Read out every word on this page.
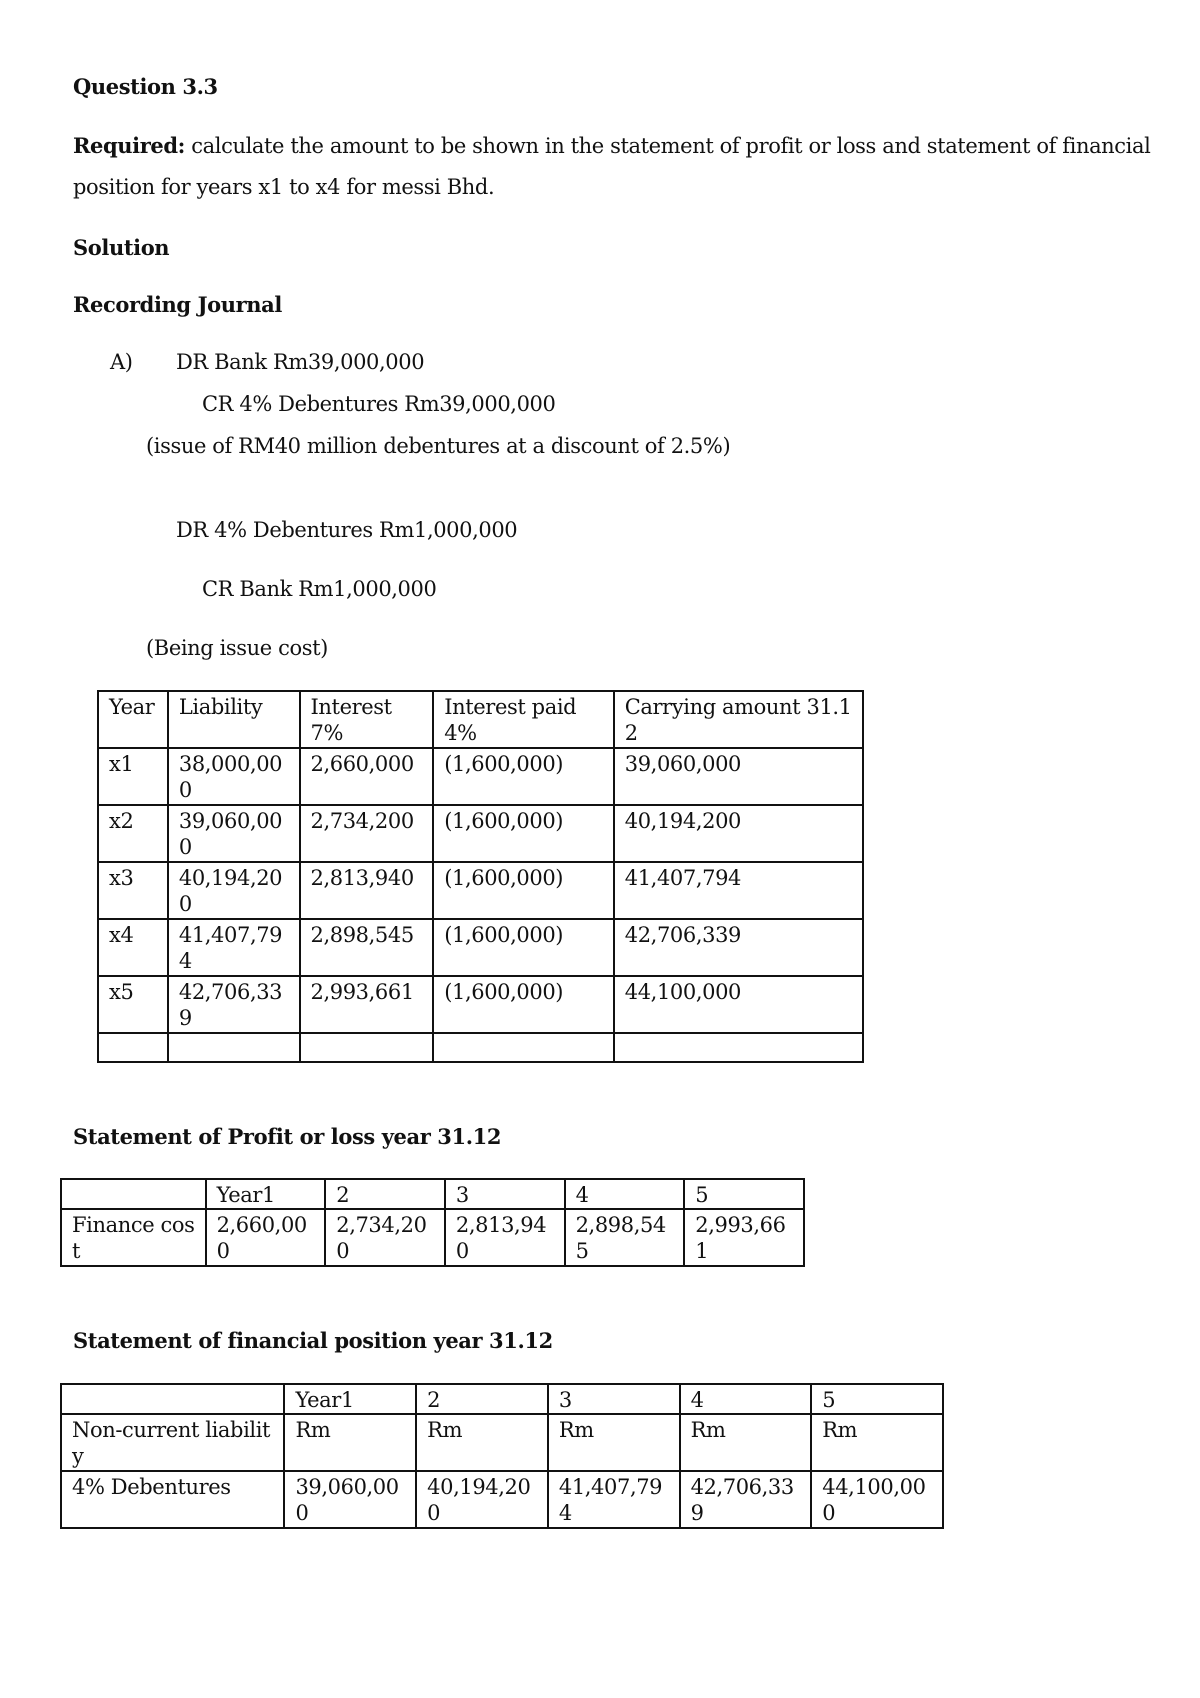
Question 3.3
Required: calculate the amount to be shown in the statement of profit or loss and statement of financial
position for years x1 to x4 for messi Bhd.
Solution
Recording Journal
A) DR Bank Rm39,000,000
CR 4% Debentures Rm39,000,000
(issue of RM40 million debentures at a discount of 2.5%)
DR 4% Debentures Rm1,000,000
CR Bank Rm1,000,000
(Being issue cost)
Year	Liability	Interest 7%	Interest paid 4%	Carrying amount 31.12
x1	38,000,000	2,660,000	(1,600,000)	39,060,000
x2	39,060,000	2,734,200	(1,600,000)	40,194,200
x3	40,194,200	2,813,940	(1,600,000)	41,407,794
x4	41,407,794	2,898,545	(1,600,000)	42,706,339
x5	42,706,339	2,993,661	(1,600,000)	44,100,000

Statement of Profit or loss year 31.12
	Year1	2	3	4	5
Finance cost	2,660,000	2,734,200	2,813,940	2,898,545	2,993,661
Statement of financial position year 31.12
	Year1	2	3	4	5
Non-current liability	Rm	Rm	Rm	Rm	Rm
4% Debentures	39,060,000	40,194,200	41,407,794	42,706,339	44,100,000
